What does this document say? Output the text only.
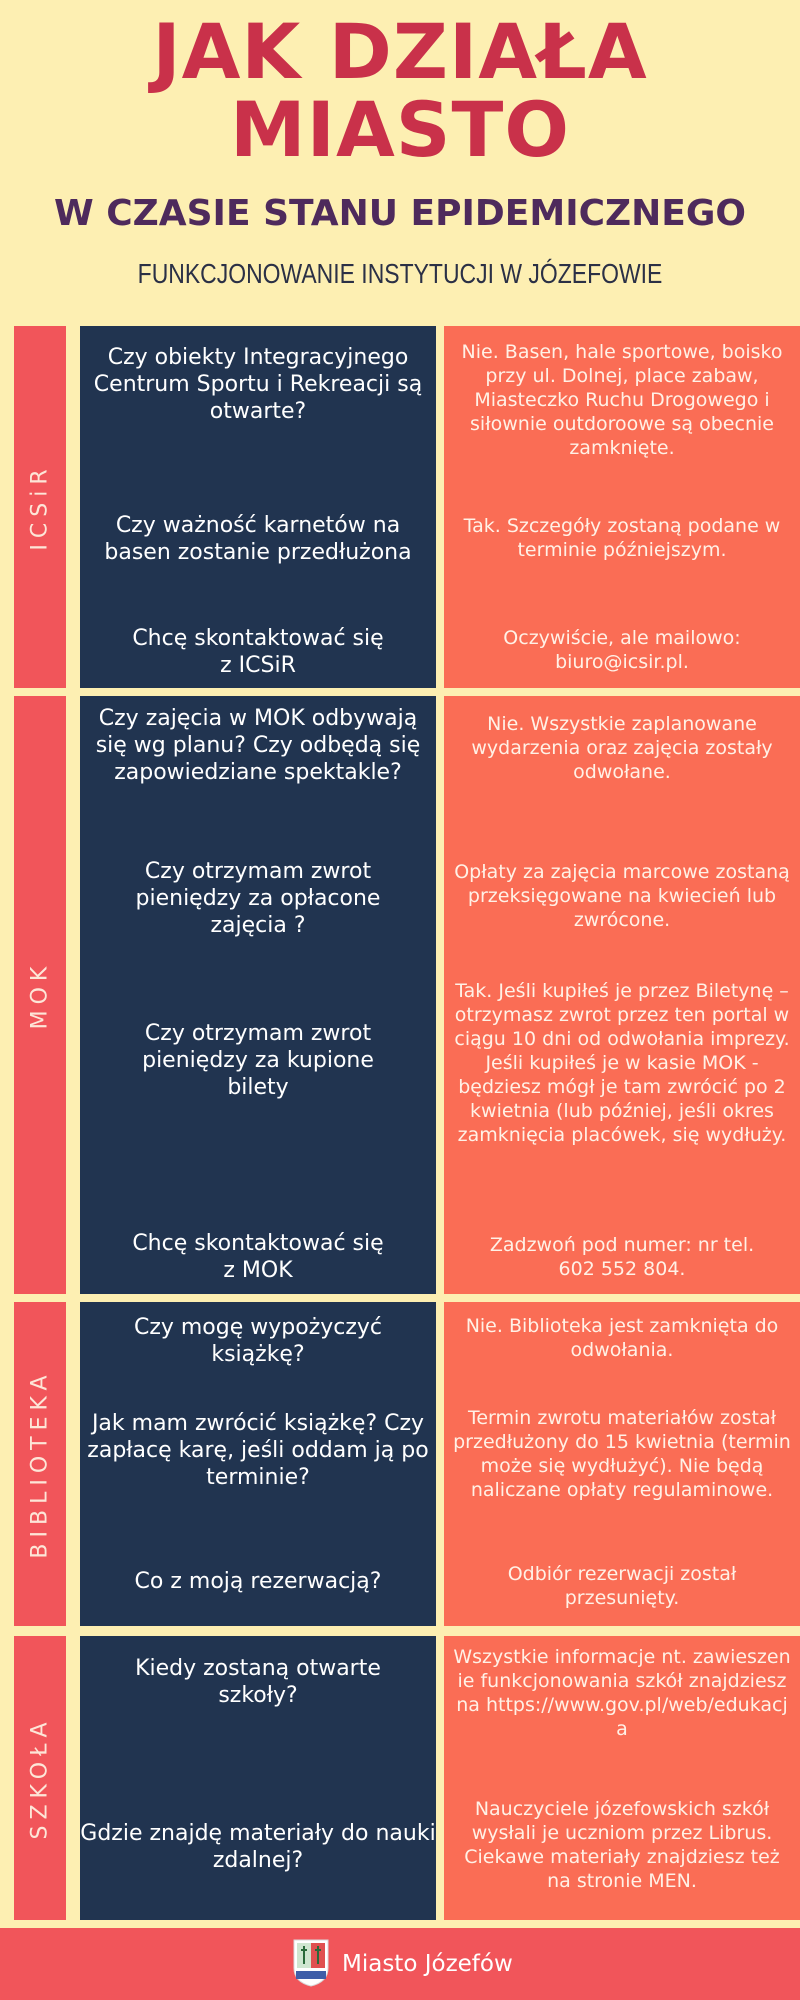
JAK DZIAŁA
MIASTO
W CZASIE STANU EPIDEMICZNEGO
FUNKCJONOWANIE INSTYTUCJI W JÓZEFOWIE
ICSiR
Czy obiekty Integracyjnego Centrum Sportu i Rekreacji są otwarte?
Nie. Basen, hale sportowe, boisko przy ul. Dolnej, place zabaw, Miasteczko Ruchu Drogowego i siłownie outdoroowe są obecnie zamknięte.
Czy ważność karnetów na basen zostanie przedłużona
Tak. Szczegóły zostaną podane w terminie późniejszym.
Chcę skontaktować się z ICSiR
Oczywiście, ale mailowo: biuro@icsir.pl.
MOK
Czy zajęcia w MOK odbywają się wg planu? Czy odbędą się zapowiedziane spektakle?
Nie. Wszystkie zaplanowane wydarzenia oraz zajęcia zostały odwołane.
Czy otrzymam zwrot pieniędzy za opłacone zajęcia ?
Opłaty za zajęcia marcowe zostaną przeksięgowane na kwiecień lub zwrócone.
Czy otrzymam zwrot pieniędzy za kupione bilety
Tak. Jeśli kupiłeś je przez Biletynę – otrzymasz zwrot przez ten portal w ciągu 10 dni od odwołania imprezy. Jeśli kupiłeś je w kasie MOK - będziesz mógł je tam zwrócić po 2 kwietnia (lub później, jeśli okres zamknięcia placówek, się wydłuży.
Chcę skontaktować się z MOK
Zadzwoń pod numer: nr tel. 602 552 804.
BIBLIOTEKA
Czy mogę wypożyczyć książkę?
Nie. Biblioteka jest zamknięta do odwołania.
Jak mam zwrócić książkę? Czy zapłacę karę, jeśli oddam ją po terminie?
Termin zwrotu materiałów został przedłużony do 15 kwietnia (termin może się wydłużyć). Nie będą naliczane opłaty regulaminowe.
Co z moją rezerwacją?	Odbiór rezerwacji został przesunięty.
SZKOŁA
Kiedy zostaną otwarte szkoły?
Wszystkie informacje nt. zawieszenie funkcjonowania szkół znajdziesz na https://www.gov.pl/web/edukacja
Gdzie znajdę materiały do nauki zdalnej?
Nauczyciele józefowskich szkół wysłali je uczniom przez Librus. Ciekawe materiały znajdziesz też na stronie MEN.
Miasto Józefów
